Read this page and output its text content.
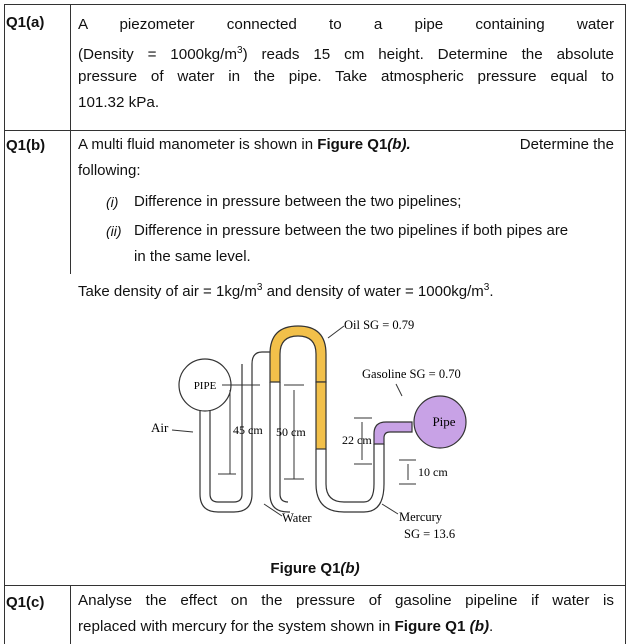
Q1(a) A piezometer connected to a pipe containing water
(Density = $1000kg/m^3$) reads 15 cm height. Determine the absolute
pressure of water in the pipe. Take atmospheric pressure equal to
101.32 kPa.
Q1(b) A multi fluid manometer is shown in Figure Q1(b).	Determine the
following:
(i) Difference in pressure between the two pipelines;
(ii) Difference in pressure between the two pipelines if both pipes are
in the same level.
Take density of air = $1kg/m^3$ and density of water = $1000kg/m^3$.
PIPE
Air	Pipe
45 cm 50 cm
22 cm
10 cm
Oil SG = 0.79
Gasoline SG = 0.70
Water	Mercury
SG = 13.6
Figure Q1(b)
Q1(c) Analyse the effect on the pressure of gasoline pipeline if water is
replaced with mercury for the system shown in Figure Q1 (b).
